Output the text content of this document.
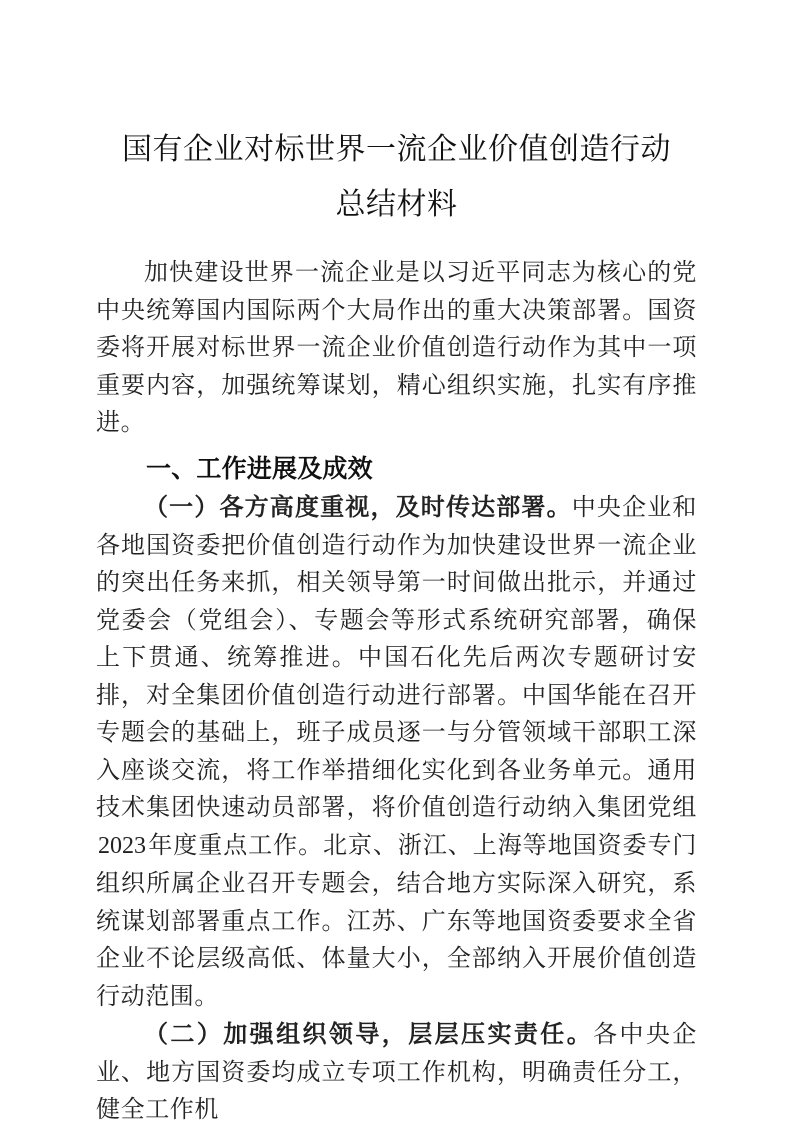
国有企业对标世界一流企业价值创造行动
总结材料

加快建设世界一流企业是以习近平同志为核心的党中央统筹国内国际两个大局作出的重大决策部署。国资委将开展对标世界一流企业价值创造行动作为其中一项重要内容，加强统筹谋划，精心组织实施，扎实有序推进。

一、工作进展及成效

（一）各方高度重视，及时传达部署。中央企业和各地国资委把价值创造行动作为加快建设世界一流企业的突出任务来抓，相关领导第一时间做出批示，并通过党委会（党组会）、专题会等形式系统研究部署，确保上下贯通、统筹推进。中国石化先后两次专题研讨安排，对全集团价值创造行动进行部署。中国华能在召开专题会的基础上，班子成员逐一与分管领域干部职工深入座谈交流，将工作举措细化实化到各业务单元。通用技术集团快速动员部署，将价值创造行动纳入集团党组2023年度重点工作。北京、浙江、上海等地国资委专门组织所属企业召开专题会，结合地方实际深入研究，系统谋划部署重点工作。江苏、广东等地国资委要求全省企业不论层级高低、体量大小，全部纳入开展价值创造行动范围。

（二）加强组织领导，层层压实责任。各中央企业、地方国资委均成立专项工作机构，明确责任分工，健全工作机
